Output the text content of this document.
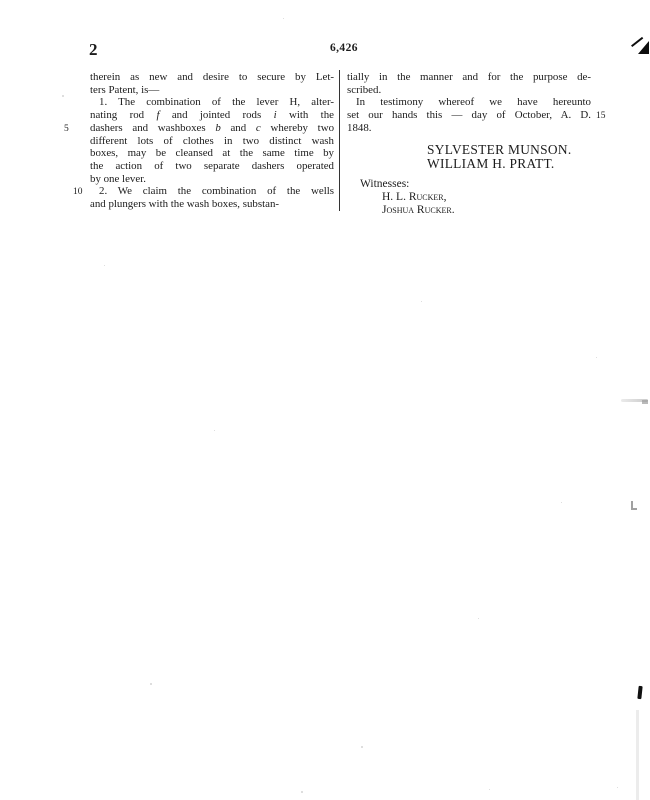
2	6,426
therein as new and desire to secure by Let-
ters Patent, is—
1. The combination of the lever H, alter-
nating rod f and jointed rods i with the
dashers and washboxes b and c whereby two
5
different lots of clothes in two distinct wash
boxes, may be cleansed at the same time by
the action of two separate dashers operated
by one lever.
2. We claim the combination of the wells
10
and plungers with the wash boxes, substan-
tially in the manner and for the purpose de-
scribed.
In testimony whereof we have hereunto
set our hands this — day of October, A. D. 15
1848.
SYLVESTER MUNSON.
WILLIAM H. PRATT.
Witnesses:
H. L. Rucker,
Joshua Rucker.
